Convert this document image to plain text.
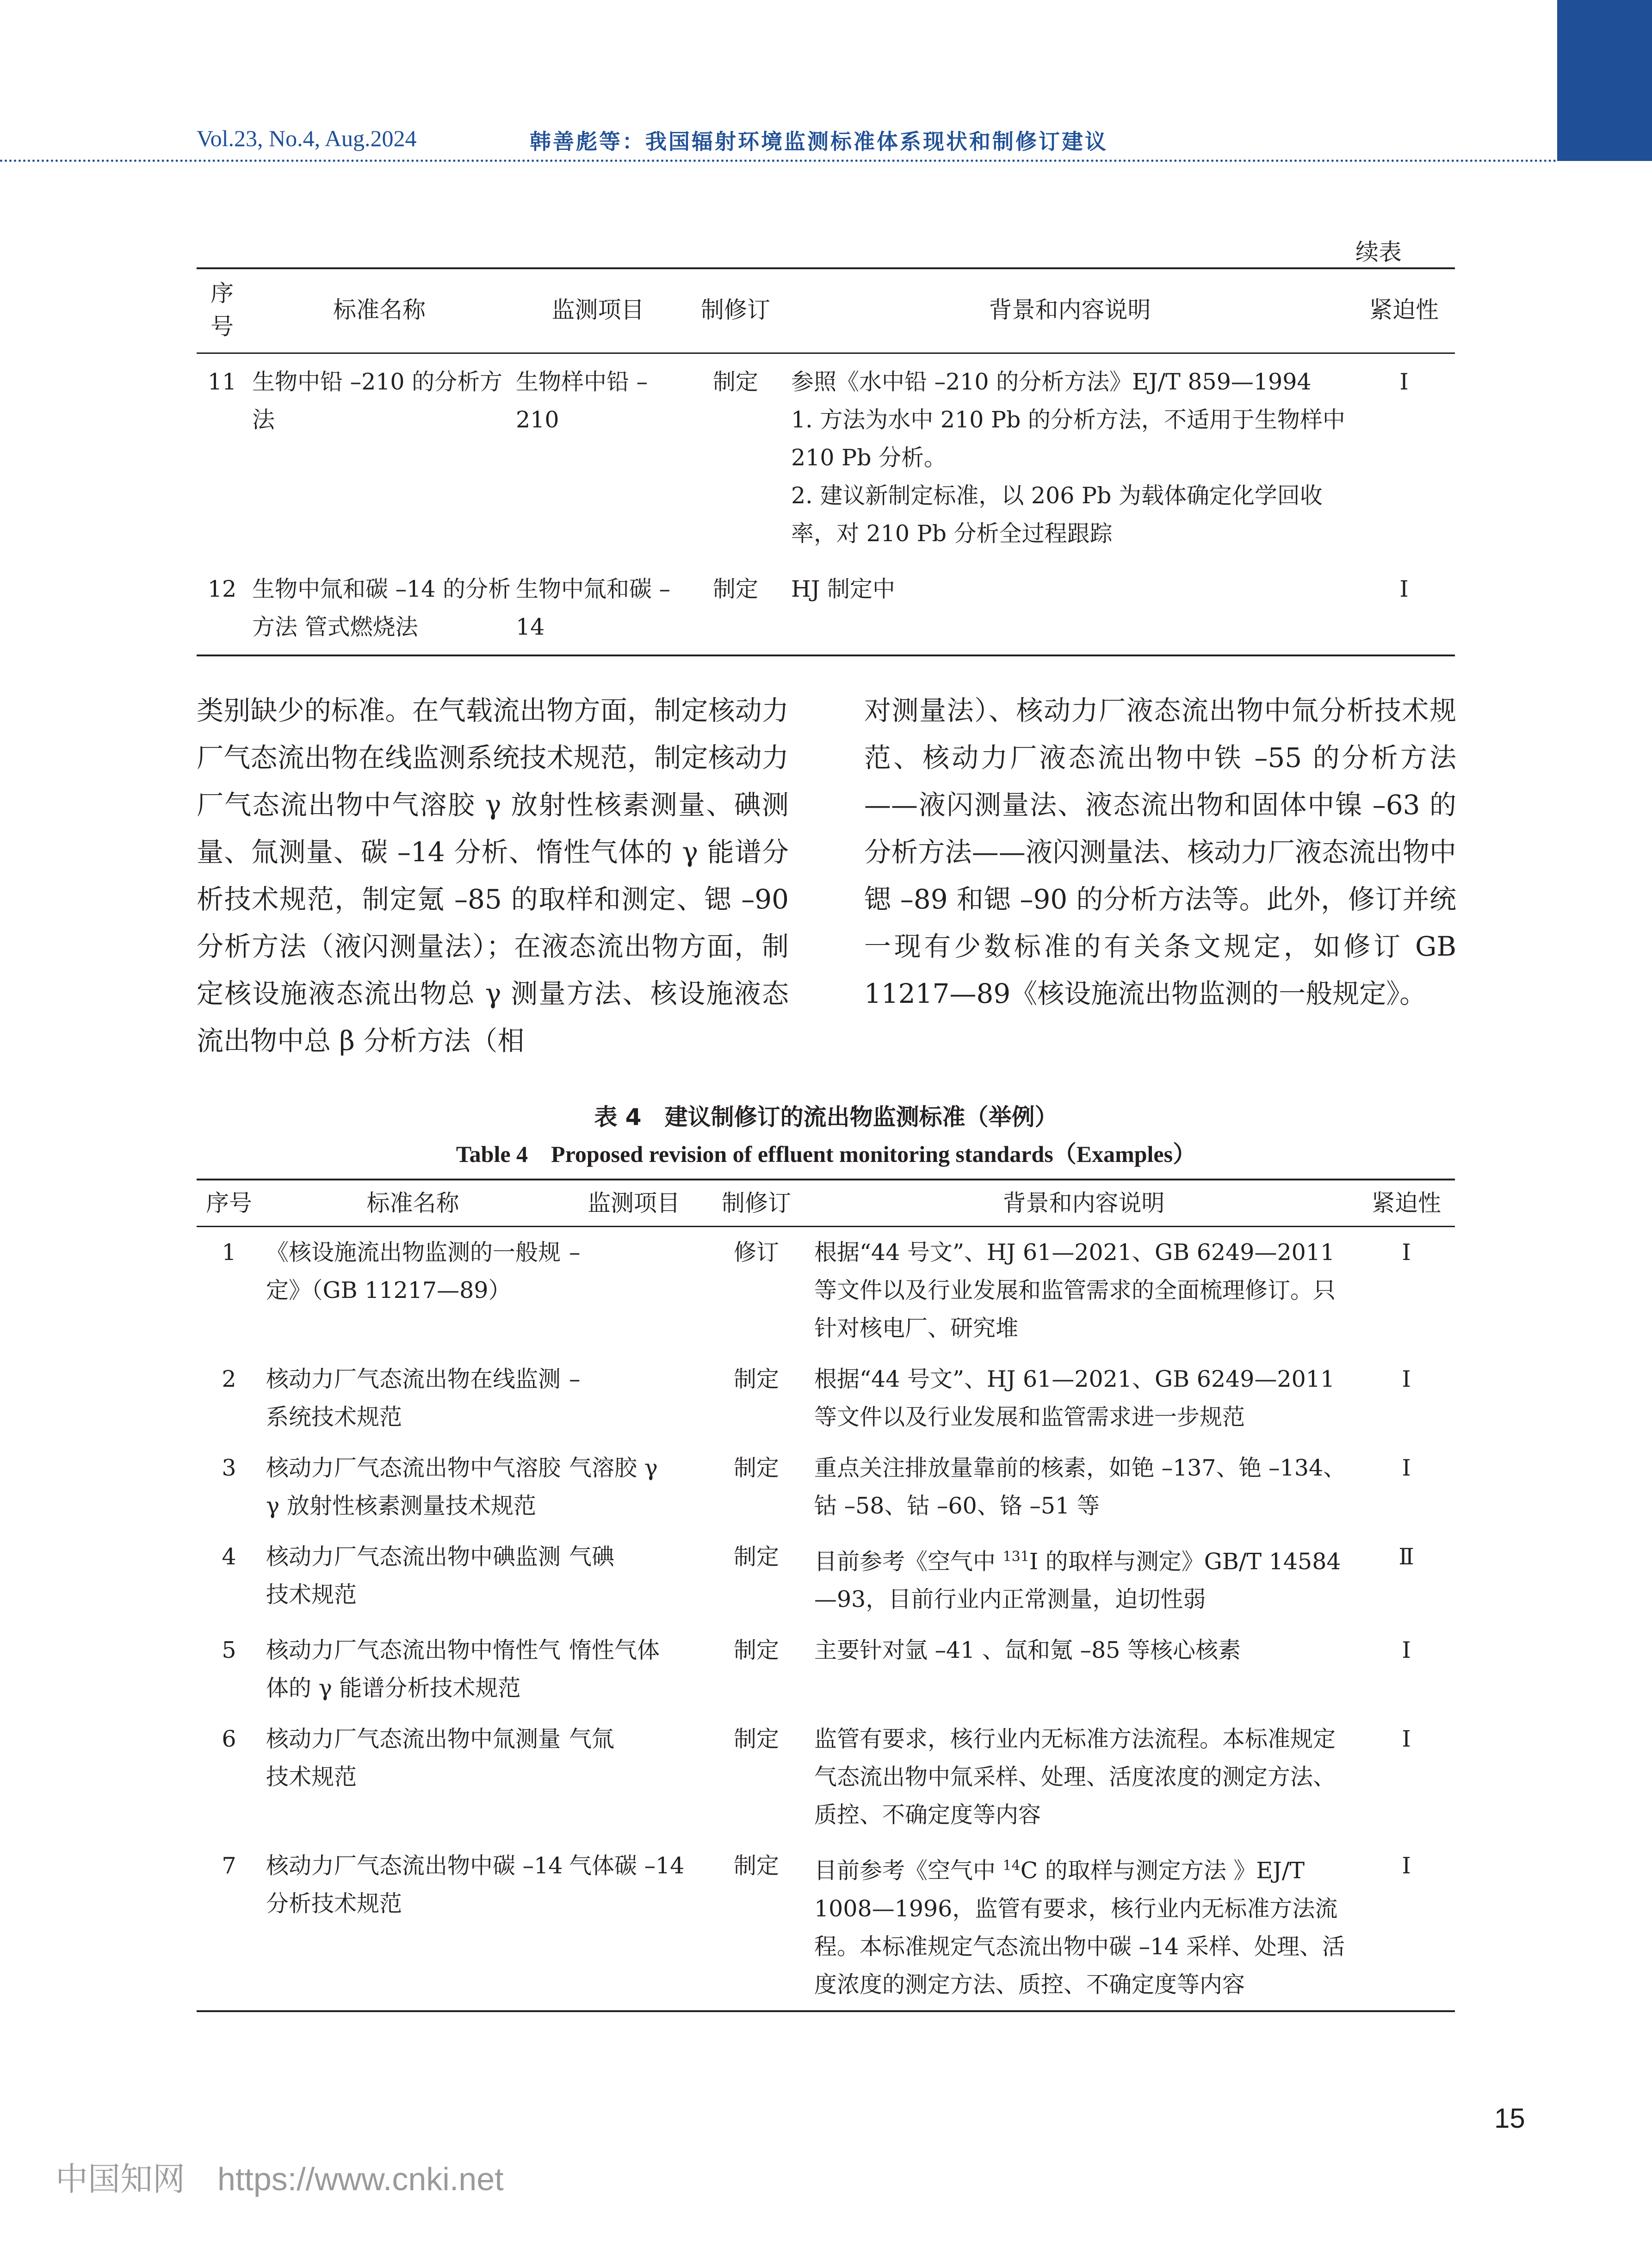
Vol.23, No.4, Aug.2024	韩善彪等：我国辐射环境监测标准体系现状和制修订建议
续表
序
号	标准名称	监测项目	制修订	背景和内容说明	紧迫性
11	生物中铅 –210 的分析方法	生物样中铅 –210	制定	参照《水中铅 –210 的分析方法》EJ/T 859—1994
1. 方法为水中 210 Pb 的分析方法，不适用于生物样中 210 Pb 分析。
2. 建议新制定标准，以 206 Pb 为载体确定化学回收率，对 210 Pb 分析全过程跟踪	I
12	生物中氚和碳 –14 的分析方法 管式燃烧法	生物中氚和碳 –14	制定	HJ 制定中	I
类别缺少的标准。在气载流出物方面，制定核动力厂气态流出物在线监测系统技术规范，制定核动力厂气态流出物中气溶胶 γ 放射性核素测量、碘测量、氚测量、碳 –14 分析、惰性气体的 γ 能谱分析技术规范，制定氪 –85 的取样和测定、锶 –90 分析方法（液闪测量法）；在液态流出物方面，制定核设施液态流出物总 γ 测量方法、核设施液态流出物中总 β 分析方法（相
对测量法）、核动力厂液态流出物中氚分析技术规范、核动力厂液态流出物中铁 –55 的分析方法——液闪测量法、液态流出物和固体中镍 –63 的分析方法——液闪测量法、核动力厂液态流出物中锶 –89 和锶 –90 的分析方法等。此外，修订并统一现有少数标准的有关条文规定，如修订 GB 11217—89《核设施流出物监测的一般规定》。
表 4　建议制修订的流出物监测标准（举例）
Table 4　Proposed revision of effluent monitoring standards（Examples）
序号	标准名称	监测项目	制修订	背景和内容说明	紧迫性
1	《核设施流出物监测的一般规定》（GB 11217—89）	–	修订	根据“44 号文”、HJ 61—2021、GB 6249—2011 等文件以及行业发展和监管需求的全面梳理修订。只针对核电厂、研究堆	I
2	核动力厂气态流出物在线监测系统技术规范	–	制定	根据“44 号文”、HJ 61—2021、GB 6249—2011 等文件以及行业发展和监管需求进一步规范	I
3	核动力厂气态流出物中气溶胶 γ 放射性核素测量技术规范	气溶胶 γ	制定	重点关注排放量靠前的核素，如铯 –137、铯 –134、钴 –58、钴 –60、铬 –51 等	I
4	核动力厂气态流出物中碘监测技术规范	气碘	制定	目前参考《空气中 $^{131}$I 的取样与测定》GB/T 14584—93，目前行业内正常测量，迫切性弱	Ⅱ
5	核动力厂气态流出物中惰性气体的 γ 能谱分析技术规范	惰性气体	制定	主要针对氩 –41 、氙和氪 –85 等核心核素	I
6	核动力厂气态流出物中氚测量技术规范	气氚	制定	监管有要求，核行业内无标准方法流程。本标准规定气态流出物中氚采样、处理、活度浓度的测定方法、质控、不确定度等内容	I
7	核动力厂气态流出物中碳 –14 分析技术规范	气体碳 –14	制定	目前参考《空气中 $^{14}$C 的取样与测定方法 》EJ/T 1008—1996，监管有要求，核行业内无标准方法流程。本标准规定气态流出物中碳 –14 采样、处理、活度浓度的测定方法、质控、不确定度等内容	I
15
中国知网 https://www.cnki.net
